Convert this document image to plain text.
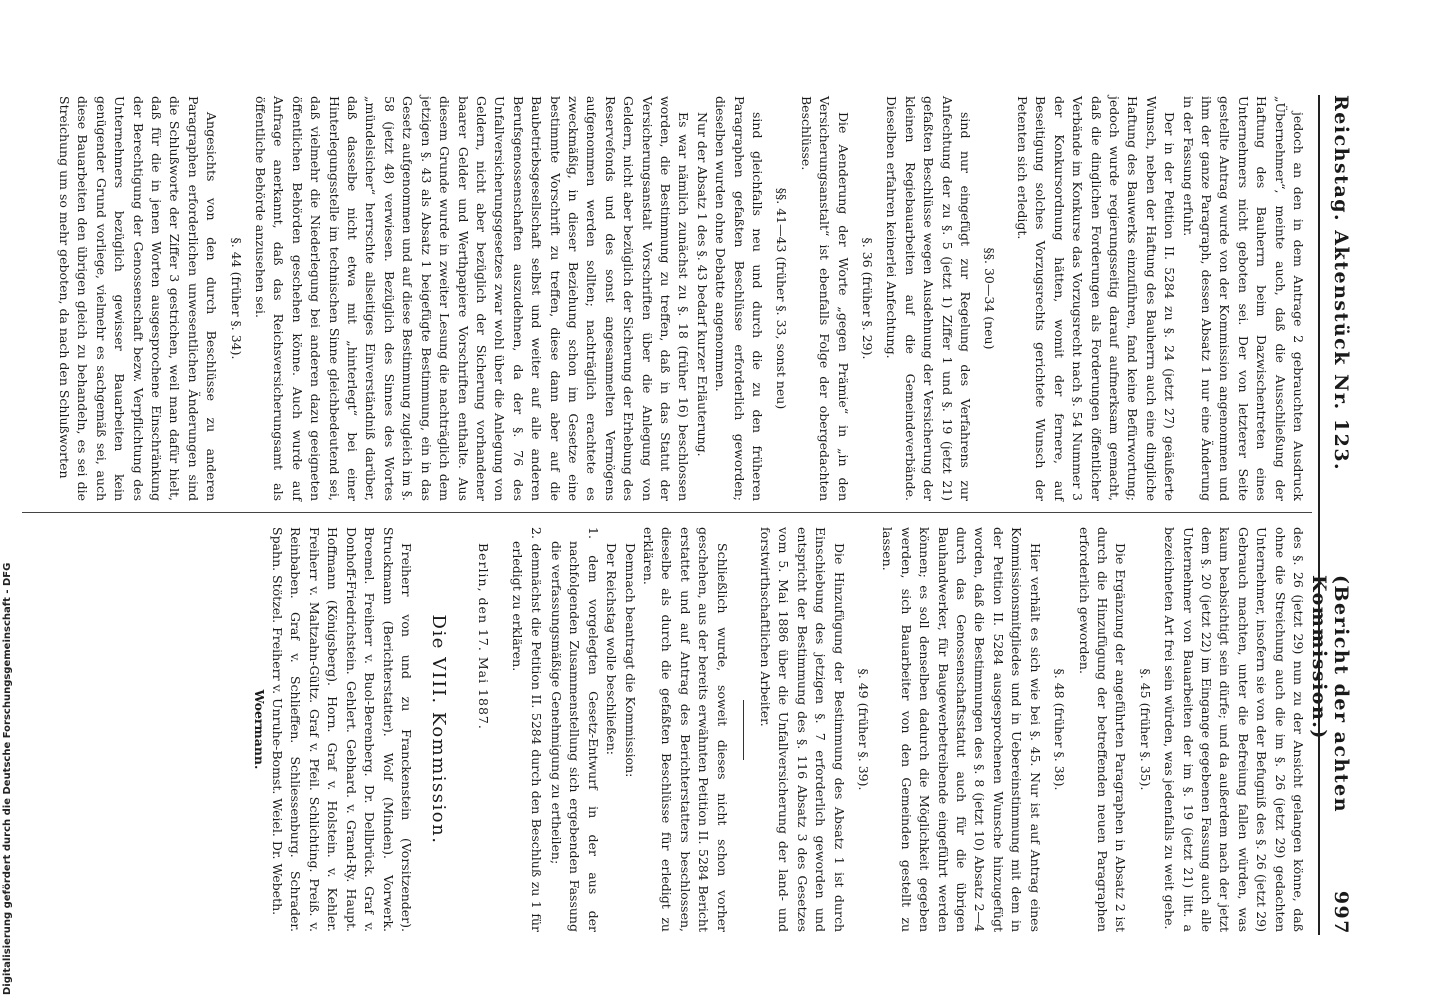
Reichstag. Aktenstück Nr. 123.
(Bericht der achten Kommission.)
997

jedoch an den in dem Antrage 2 gebrauchten Ausdruck „Übernehmer“, meinte auch, daß die Ausschließung der Haftung des Bauherrn beim Dazwischentreten eines Unternehmers nicht geboten sei. Der von letzterer Seite gestellte Antrag wurde von der Kommission angenommen und ihm der ganze Paragraph, dessen Absatz 1 nur eine Änderung in der Fassung erfuhr.

Der in der Petition II. 5284 zu §. 24 (jetzt 27) geäußerte Wunsch, neben der Haftung des Bauherrn auch eine dingliche Haftung des Bauwerks einzuführen, fand keine Befürwortung; jedoch wurde regierungsseitig darauf aufmerksam gemacht, daß die dinglichen Forderungen als Forderungen öffentlicher Verbände im Konkurse das Vorzugsrecht nach §. 54 Nummer 3 der Konkursordnung hätten, womit der fernere, auf Beseitigung solches Vorzugsrechts gerichtete Wunsch der Petenten sich erledigt.

§§. 30—34 (neu)

sind nur eingefügt zur Regelung des Verfahrens zur Anfechtung der zu §. 5 (jetzt 1) Ziffer 1 und §. 19 (jetzt 21) gefaßten Beschlüsse wegen Ausdehnung der Versicherung der kleinen Regiebauarbeiten auf die Gemeindeverbände. Dieselben erfahren keinerlei Anfechtung.

§. 36 (früher §. 29).

Die Aenderung der Worte „gegen Prämie“ in „in den Versicherungsanstalt“ ist ebenfalls Folge der obergedachten Beschlüsse.

§§. 41—43 (früher §. 33, sonst neu)

sind gleichfalls neu und durch die zu den früheren Paragraphen gefaßten Beschlüsse erforderlich geworden; dieselben wurden ohne Debatte angenommen.

Nur der Absatz 1 des §. 43 bedarf kurzer Erläuterung.

Es war nämlich zunächst zu §. 18 (früher 16) beschlossen worden, die Bestimmung zu treffen, daß in das Statut der Versicherungsanstalt Vorschriften über die Anlegung von Geldern, nicht aber bezüglich der Sicherung der Erhebung des Reservefonds und des sonst angesammelten Vermögens aufgenommen werden sollten; nachträglich erachtete es zweckmäßig, in dieser Beziehung schon im Gesetze eine bestimmte Vorschrift zu treffen, diese dann aber auf die Baubetriebsgesellschaft selbst und weiter auf alle anderen Berufsgenossenschaften auszudehnen, da der §. 76 des Unfallversicherungsgesetzes zwar wohl über die Anlegung von Geldern, nicht aber bezüglich der Sicherung vorhandener baarer Gelder und Werthpapiere Vorschriften enthalte. Aus diesem Grunde wurde in zweiter Lesung die nachträglich dem jetzigen §. 43 als Absatz 1 beigefügte Bestimmung, ein in das Gesetz aufgenommen und auf diese Bestimmung zugleich im §. 58 (jetzt 48) verwiesen. Bezüglich des Sinnes des Wortes „mündelsicher“ herrschte allseitiges Einverständniß darüber, daß dasselbe nicht etwa mit „hinterlegt“ bei einer Hinterlegungsstelle im technischen Sinne gleichbedeutend sei, daß vielmehr die Niederlegung bei anderen dazu geeigneten öffentlichen Behörden geschehen könne. Auch wurde auf Anfrage anerkannt, daß das Reichsversicherungsamt als öffentliche Behörde anzusehen sei.

§. 44 (früher §. 34).

Angesichts von den durch Beschlüsse zu anderen Paragraphen erforderlichen unwesentlichen Änderungen sind die Schlußworte der Ziffer 3 gestrichen, weil man dafür hielt, daß für die in jenen Worten ausgesprochene Einschränkung der Berechtigung der Genossenschaft bezw. Verpflichtung des Unternehmers bezüglich gewisser Bauarbeiten kein genügender Grund vorliege, vielmehr es sachgemäß sei, auch diese Bauarbeiten den übrigen gleich zu behandeln, es sei die Streichung um so mehr geboten, da nach den Schlußworten

des §. 26 (jetzt 29) nun zu der Ansicht gelangen könne, daß ohne die Streichung auch die im §. 26 (jetzt 29) gedachten Unternehmer, insofern sie von der Befugniß des §. 26 (jetzt 29) Gebrauch machten, unter die Befreiung fallen würden, was kaum beabsichtigt sein dürfe; und da außerdem nach der jetzt dem §. 20 (jetzt 22) im Eingange gegebenen Fassung auch alle Unternehmer von Bauarbeiten der im §. 19 (jetzt 21) litt. a bezeichneten Art frei sein würden, was jedenfalls zu weit gehe.

§. 45 (früher §. 35).

Die Ergänzung der angeführten Paragraphen in Absatz 2 ist durch die Hinzufügung der betreffenden neuen Paragraphen erforderlich geworden.

§. 48 (früher §. 38).

Hier verhält es sich wie bei §. 45. Nur ist auf Antrag eines Kommissionsmitgliedes und in Uebereinstimmung mit dem in der Petition II. 5284 ausgesprochenen Wunsche hinzugefügt worden, daß die Bestimmungen des §. 8 (jetzt 10) Absatz 2—4 durch das Genossenschaftsstatut auch für die übrigen Bauhandwerker, für Baugewerbetreibende eingeführt werden können; es soll denselben dadurch die Möglichkeit gegeben werden, sich Bauarbeiter von den Gemeinden gestellt zu lassen.

§. 49 (früher §. 39).

Die Hinzufügung der Bestimmung des Absatz 1 ist durch Einschiebung des jetzigen §. 7 erforderlich geworden und entspricht der Bestimmung des §. 116 Absatz 3 des Gesetzes vom 5. Mai 1886 über die Unfallversicherung der land- und forstwirthschaftlichen Arbeiter.

Schließlich wurde, soweit dieses nicht schon vorher geschehen, aus der bereits erwähnten Petition II. 5284 Bericht erstattet und auf Antrag des Berichterstatters beschlossen, dieselbe als durch die gefaßten Beschlüsse für erledigt zu erklären.

Demnach beantragt die Kommission:

Der Reichstag wolle beschließen:

1. dem vorgelegten Gesetz-Entwurf in der aus der nachfolgenden Zusammenstellung sich ergebenden Fassung die verfassungsmäßige Genehmigung zu ertheilen;
2. demnächst die Petition II. 5284 durch den Beschluß zu 1 für erledigt zu erklären.

Berlin, den 17. Mai 1887.

Die VIII. Kommission.

Freiherr von und zu Franckenstein (Vorsitzender). Struckmann (Berichterstatter). Wolf (Minden). Vorwerk. Broemel. Freiherr v. Buol-Berenberg. Dr. Dellbrück. Graf v. Donhoff-Friedrichstein. Gehlert. Gebhard. v. Grand-Ry. Haupt. Hoffmann (Königsberg). Horn. Graf v. Holstein. v. Kehler. Freiherr v. Maltzahn-Gültz. Graf v. Pfeil. Schlichting. Preiß. v. Reinbaben. Graf v. Schlieffen. Schliessenburg. Schrader. Spahn. Stötzel. Freiherr v. Unruhe-Bomst. Weiel. Dr. Webeth.

Woermann.

Digitalisierung gefördert durch die Deutsche Forschungsgemeinschaft - DFG
